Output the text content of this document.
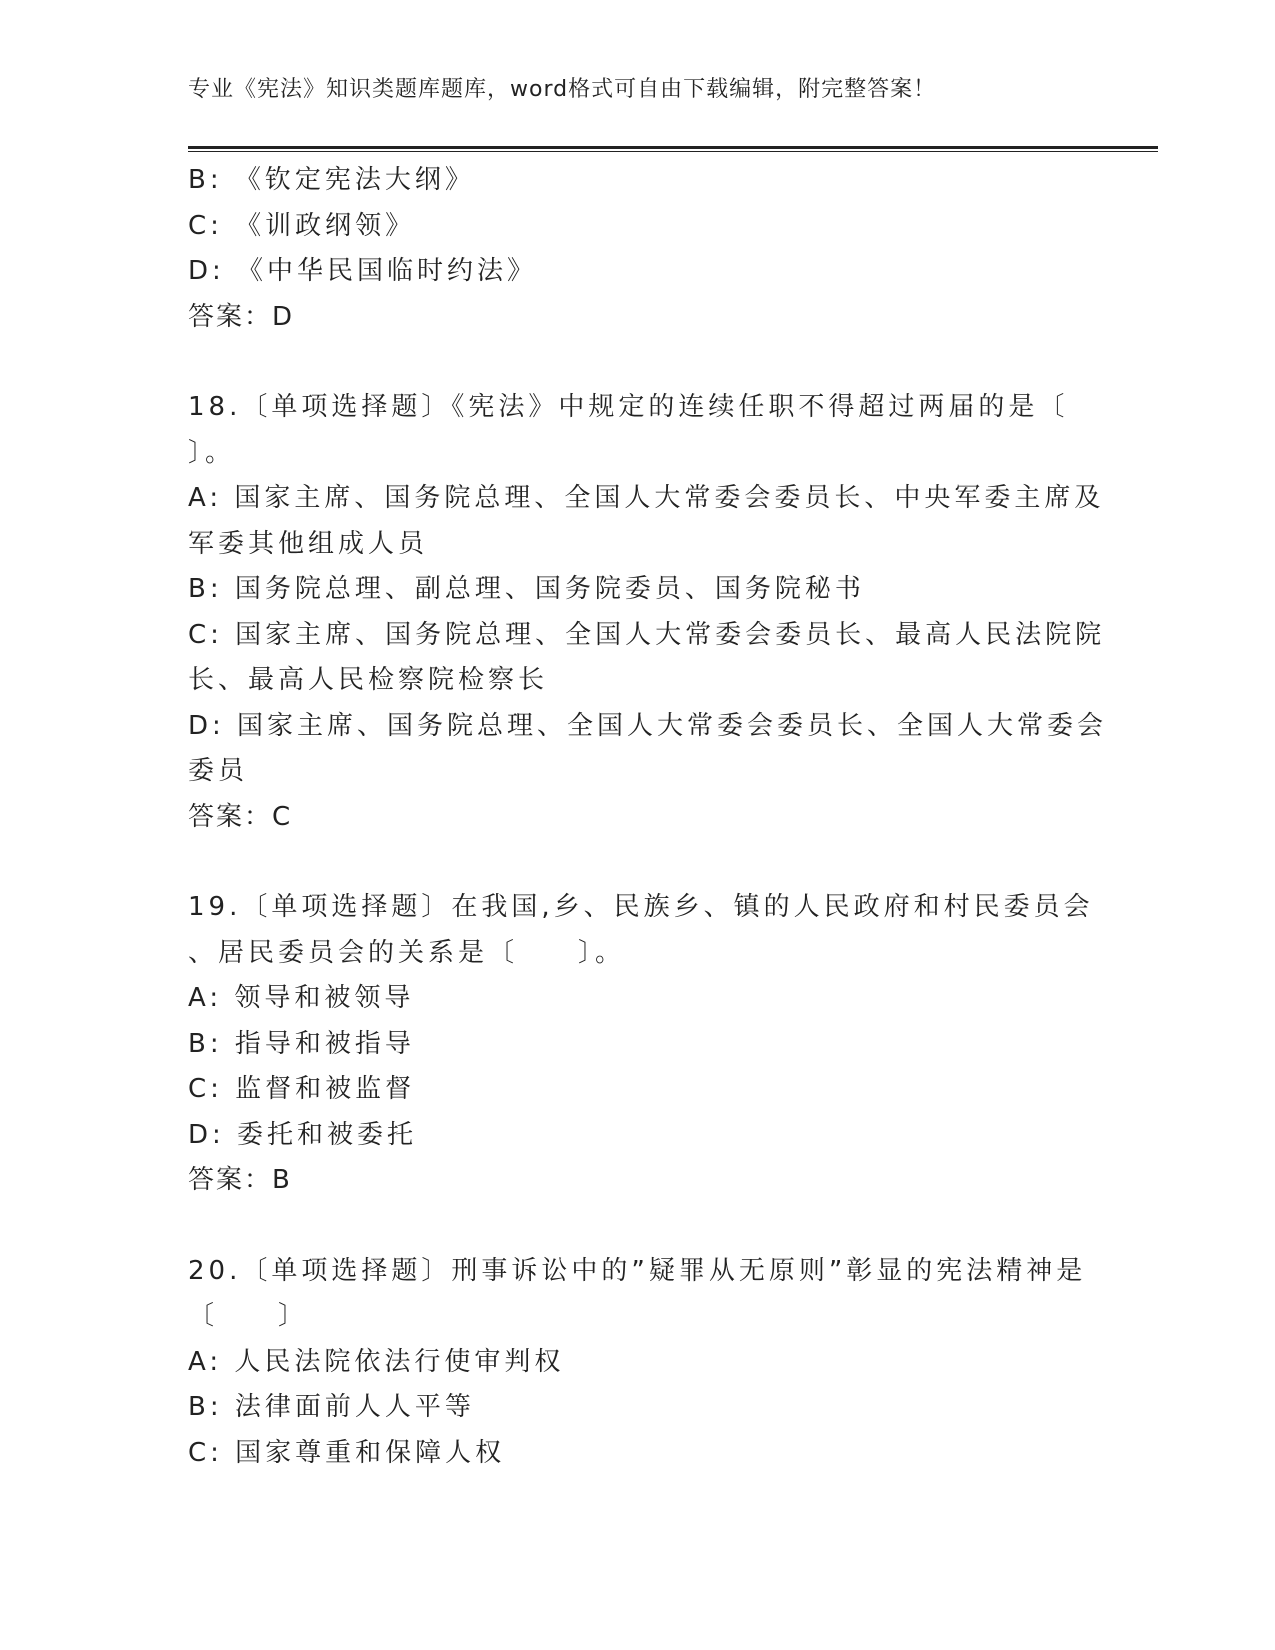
专业《宪法》知识类题库题库，word格式可自由下载编辑，附完整答案！
B: 《钦定宪法大纲》
C: 《训政纲领》
D: 《中华民国临时约法》
答案：D
18.〔单项选择题〕《宪法》中规定的连续任职不得超过两届的是〔
〕。
A: 国家主席、国务院总理、全国人大常委会委员长、中央军委主席及
军委其他组成人员
B: 国务院总理、副总理、国务院委员、国务院秘书
C: 国家主席、国务院总理、全国人大常委会委员长、最高人民法院院
长、最高人民检察院检察长
D: 国家主席、国务院总理、全国人大常委会委员长、全国人大常委会
委员
答案：C
19.〔单项选择题〕在我国,乡、民族乡、镇的人民政府和村民委员会
、居民委员会的关系是〔　　〕。
A: 领导和被领导
B: 指导和被指导
C: 监督和被监督
D: 委托和被委托
答案：B
20.〔单项选择题〕刑事诉讼中的”疑罪从无原则”彰显的宪法精神是
〔　　〕
A: 人民法院依法行使审判权
B: 法律面前人人平等
C: 国家尊重和保障人权
